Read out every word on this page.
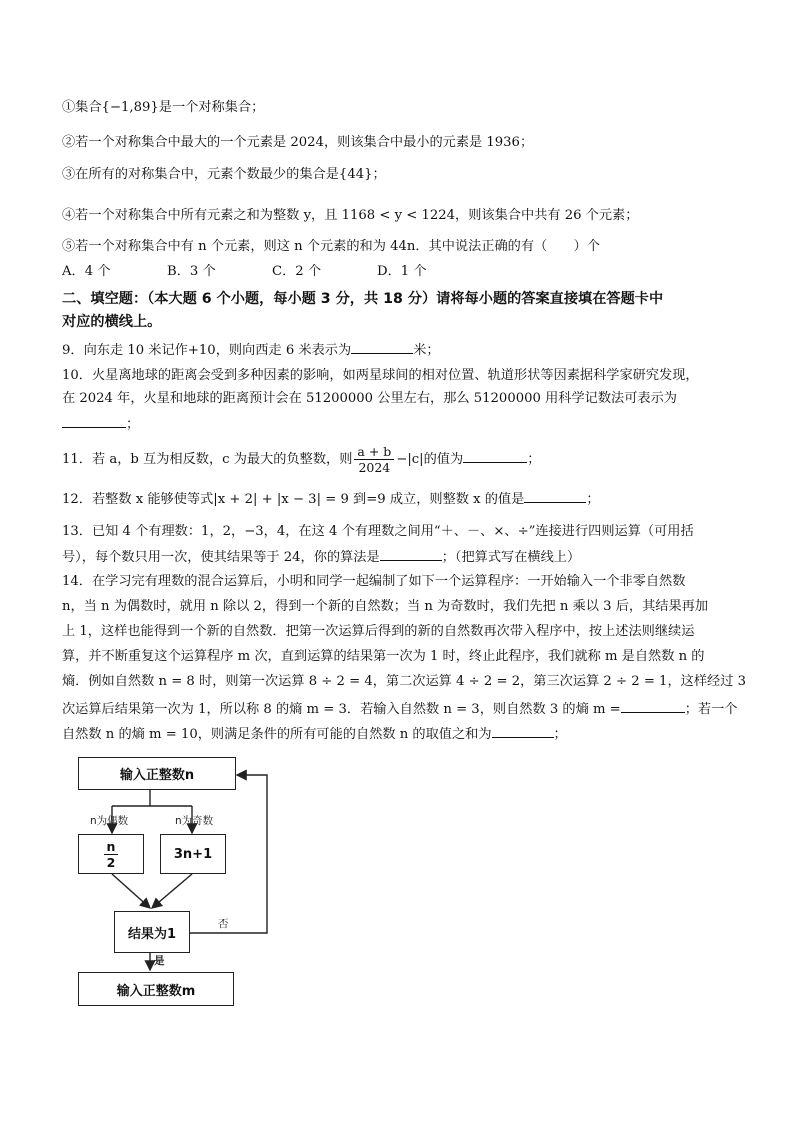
①集合{−1,89}是一个对称集合；
②若一个对称集合中最大的一个元素是 2024，则该集合中最小的元素是 1936；
③在所有的对称集合中，元素个数最少的集合是{44}；
④若一个对称集合中所有元素之和为整数 y，且 1168 < y < 1224，则该集合中共有 26 个元素；
⑤若一个对称集合中有 n 个元素，则这 n 个元素的和为 44n．其中说法正确的有（　　）个
A．4 个	B．3 个	C．2 个	D．1 个
二、填空题：（本大题 6 个小题，每小题 3 分，共 18 分）请将每小题的答案直接填在答题卡中
对应的横线上。
9．向东走 10 米记作+10，则向西走 6 米表示为	米；
10．火星离地球的距离会受到多种因素的影响，如两星球间的相对位置、轨道形状等因素据科学家研究发现，
在 2024 年，火星和地球的距离预计会在 51200000 公里左右，那么 51200000 用科学记数法可表示为
；
11．若 a，b 互为相反数，c 为最大的负整数，则 $\frac{a + b}{2024} -|c|$的值为	；
12．若整数 x 能够使等式|x + 2| + |x − 3| = 9 到=9 成立，则整数 x 的值是	；
13．已知 4 个有理数：1，2，−3，4，在这 4 个有理数之间用“＋、－、×、÷”连接进行四则运算（可用括
号），每个数只用一次，使其结果等于 24，你的算法是	；（把算式写在横线上）
14．在学习完有理数的混合运算后，小明和同学一起编制了如下一个运算程序：一开始输入一个非零自然数
n，当 n 为偶数时，就用 n 除以 2，得到一个新的自然数；当 n 为奇数时，我们先把 n 乘以 3 后，其结果再加
上 1，这样也能得到一个新的自然数．把第一次运算后得到的新的自然数再次带入程序中，按上述法则继续运
算，并不断重复这个运算程序 m 次，直到运算的结果第一次为 1 时，终止此程序，我们就称 m 是自然数 n 的
熵．例如自然数 n = 8 时，则第一次运算 8 ÷ 2 = 4，第二次运算 4 ÷ 2 = 2，第三次运算 2 ÷ 2 = 1，这样经过 3
次运算后结果第一次为 1，所以称 8 的熵 m = 3．若输入自然数 n = 3，则自然数 3 的熵 m =	；若一个
自然数 n 的熵 m = 10，则满足条件的所有可能的自然数 n 的取值之和为	；
输入正整数n
n为偶数	n为奇数
$\frac{n}{2}$	3n+1
结果为1
否
是
输入正整数m
